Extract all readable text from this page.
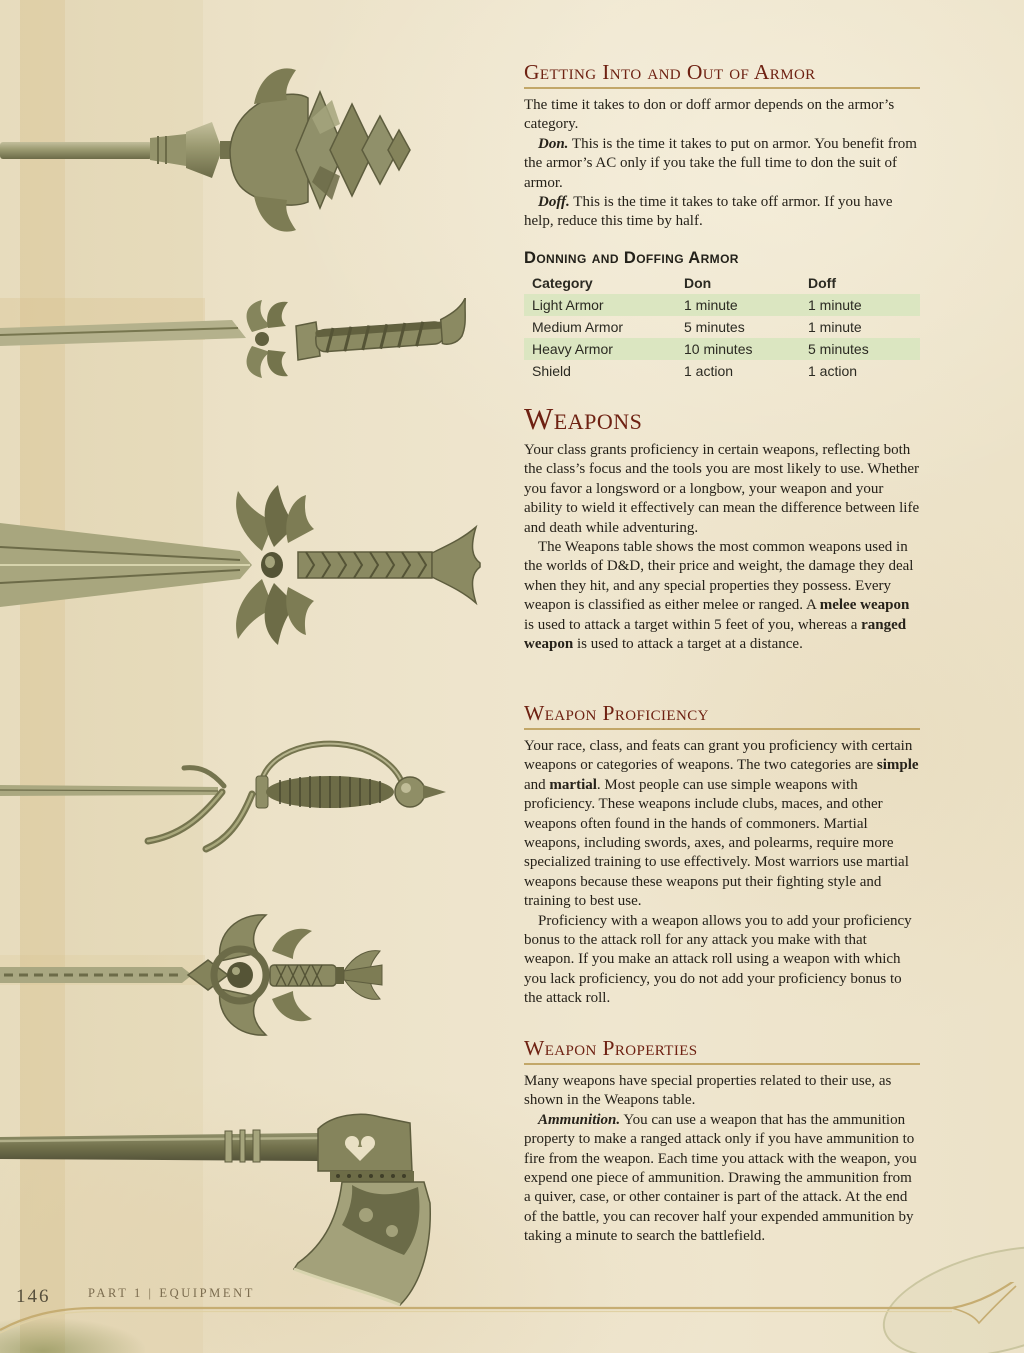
Getting Into and Out of Armor

The time it takes to don or doff armor depends on the armor’s category.

Don. This is the time it takes to put on armor. You benefit from the armor’s AC only if you take the full time to don the suit of armor.

Doff. This is the time it takes to take off armor. If you have help, reduce this time by half.

Donning and Doffing Armor
Category	Don	Doff
Light Armor	1 minute	1 minute
Medium Armor	5 minutes	1 minute
Heavy Armor	10 minutes	5 minutes
Shield	1 action	1 action
Weapons

Your class grants proficiency in certain weapons, reflecting both the class’s focus and the tools you are most likely to use. Whether you favor a longsword or a longbow, your weapon and your ability to wield it effectively can mean the difference between life and death while adventuring.

The Weapons table shows the most common weapons used in the worlds of D&D, their price and weight, the damage they deal when they hit, and any special properties they possess. Every weapon is classified as either melee or ranged. A melee weapon is used to attack a target within 5 feet of you, whereas a ranged weapon is used to attack a target at a distance.

Weapon Proficiency

Your race, class, and feats can grant you proficiency with certain weapons or categories of weapons. The two categories are simple and martial. Most people can use simple weapons with proficiency. These weapons include clubs, maces, and other weapons often found in the hands of commoners. Martial weapons, including swords, axes, and polearms, require more specialized training to use effectively. Most warriors use martial weapons because these weapons put their fighting style and training to best use.

Proficiency with a weapon allows you to add your proficiency bonus to the attack roll for any attack you make with that weapon. If you make an attack roll using a weapon with which you lack proficiency, you do not add your proficiency bonus to the attack roll.

Weapon Properties

Many weapons have special properties related to their use, as shown in the Weapons table.

Ammunition. You can use a weapon that has the ammunition property to make a ranged attack only if you have ammunition to fire from the weapon. Each time you attack with the weapon, you expend one piece of ammunition. Drawing the ammunition from a quiver, case, or other container is part of the attack. At the end of the battle, you can recover half your expended ammunition by taking a minute to search the battlefield.

146	PART 1 | EQUIPMENT
